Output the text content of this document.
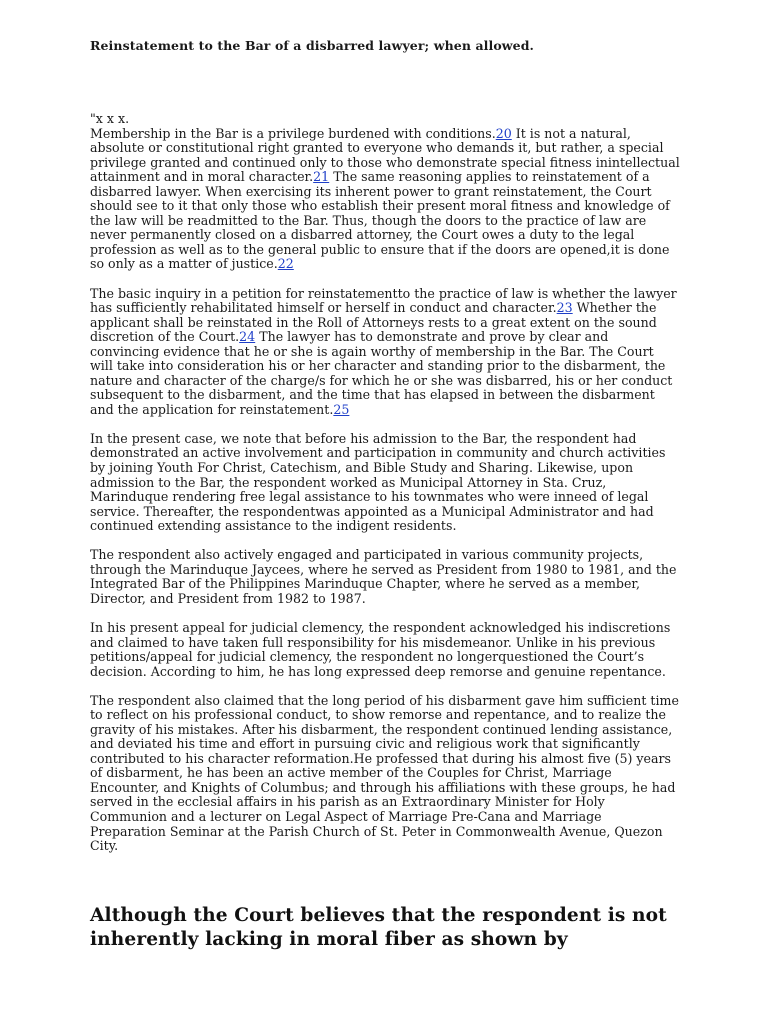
Reinstatement to the Bar of a disbarred lawyer; when allowed.
"x x x.

Membership in the Bar is a privilege burdened with conditions.20 It is not a natural, absolute or constitutional right granted to everyone who demands it, but rather, a special privilege granted and continued only to those who demonstrate special fitness inintellectual attainment and in moral character.21 The same reasoning applies to reinstatement of a disbarred lawyer. When exercising its inherent power to grant reinstatement, the Court should see to it that only those who establish their present moral fitness and knowledge of the law will be readmitted to the Bar. Thus, though the doors to the practice of law are never permanently closed on a disbarred attorney, the Court owes a duty to the legal profession as well as to the general public to ensure that if the doors are opened,it is done so only as a matter of justice.22

The basic inquiry in a petition for reinstatementto the practice of law is whether the lawyer has sufficiently rehabilitated himself or herself in conduct and character.23 Whether the applicant shall be reinstated in the Roll of Attorneys rests to a great extent on the sound discretion of the Court.24 The lawyer has to demonstrate and prove by clear and convincing evidence that he or she is again worthy of membership in the Bar. The Court will take into consideration his or her character and standing prior to the disbarment, the nature and character of the charge/s for which he or she was disbarred, his or her conduct subsequent to the disbarment, and the time that has elapsed in between the disbarment and the application for reinstatement.25

In the present case, we note that before his admission to the Bar, the respondent had demonstrated an active involvement and participation in community and church activities by joining Youth For Christ, Catechism, and Bible Study and Sharing. Likewise, upon admission to the Bar, the respondent worked as Municipal Attorney in Sta. Cruz, Marinduque rendering free legal assistance to his townmates who were inneed of legal service. Thereafter, the respondentwas appointed as a Municipal Administrator and had continued extending assistance to the indigent residents.

The respondent also actively engaged and participated in various community projects, through the Marinduque Jaycees, where he served as President from 1980 to 1981, and the Integrated Bar of the Philippines Marinduque Chapter, where he served as a member, Director, and President from 1982 to 1987.

In his present appeal for judicial clemency, the respondent acknowledged his indiscretions and claimed to have taken full responsibility for his misdemeanor. Unlike in his previous petitions/appeal for judicial clemency, the respondent no longerquestioned the Court’s decision. According to him, he has long expressed deep remorse and genuine repentance.

The respondent also claimed that the long period of his disbarment gave him sufficient time to reflect on his professional conduct, to show remorse and repentance, and to realize the gravity of his mistakes. After his disbarment, the respondent continued lending assistance, and deviated his time and effort in pursuing civic and religious work that significantly contributed to his character reformation.He professed that during his almost five (5) years of disbarment, he has been an active member of the Couples for Christ, Marriage Encounter, and Knights of Columbus; and through his affiliations with these groups, he had served in the ecclesial affairs in his parish as an Extraordinary Minister for Holy Communion and a lecturer on Legal Aspect of Marriage Pre-Cana and Marriage Preparation Seminar at the Parish Church of St. Peter in Commonwealth Avenue, Quezon City.

Although the Court believes that the respondent is not inherently lacking in moral fiber as shown by
